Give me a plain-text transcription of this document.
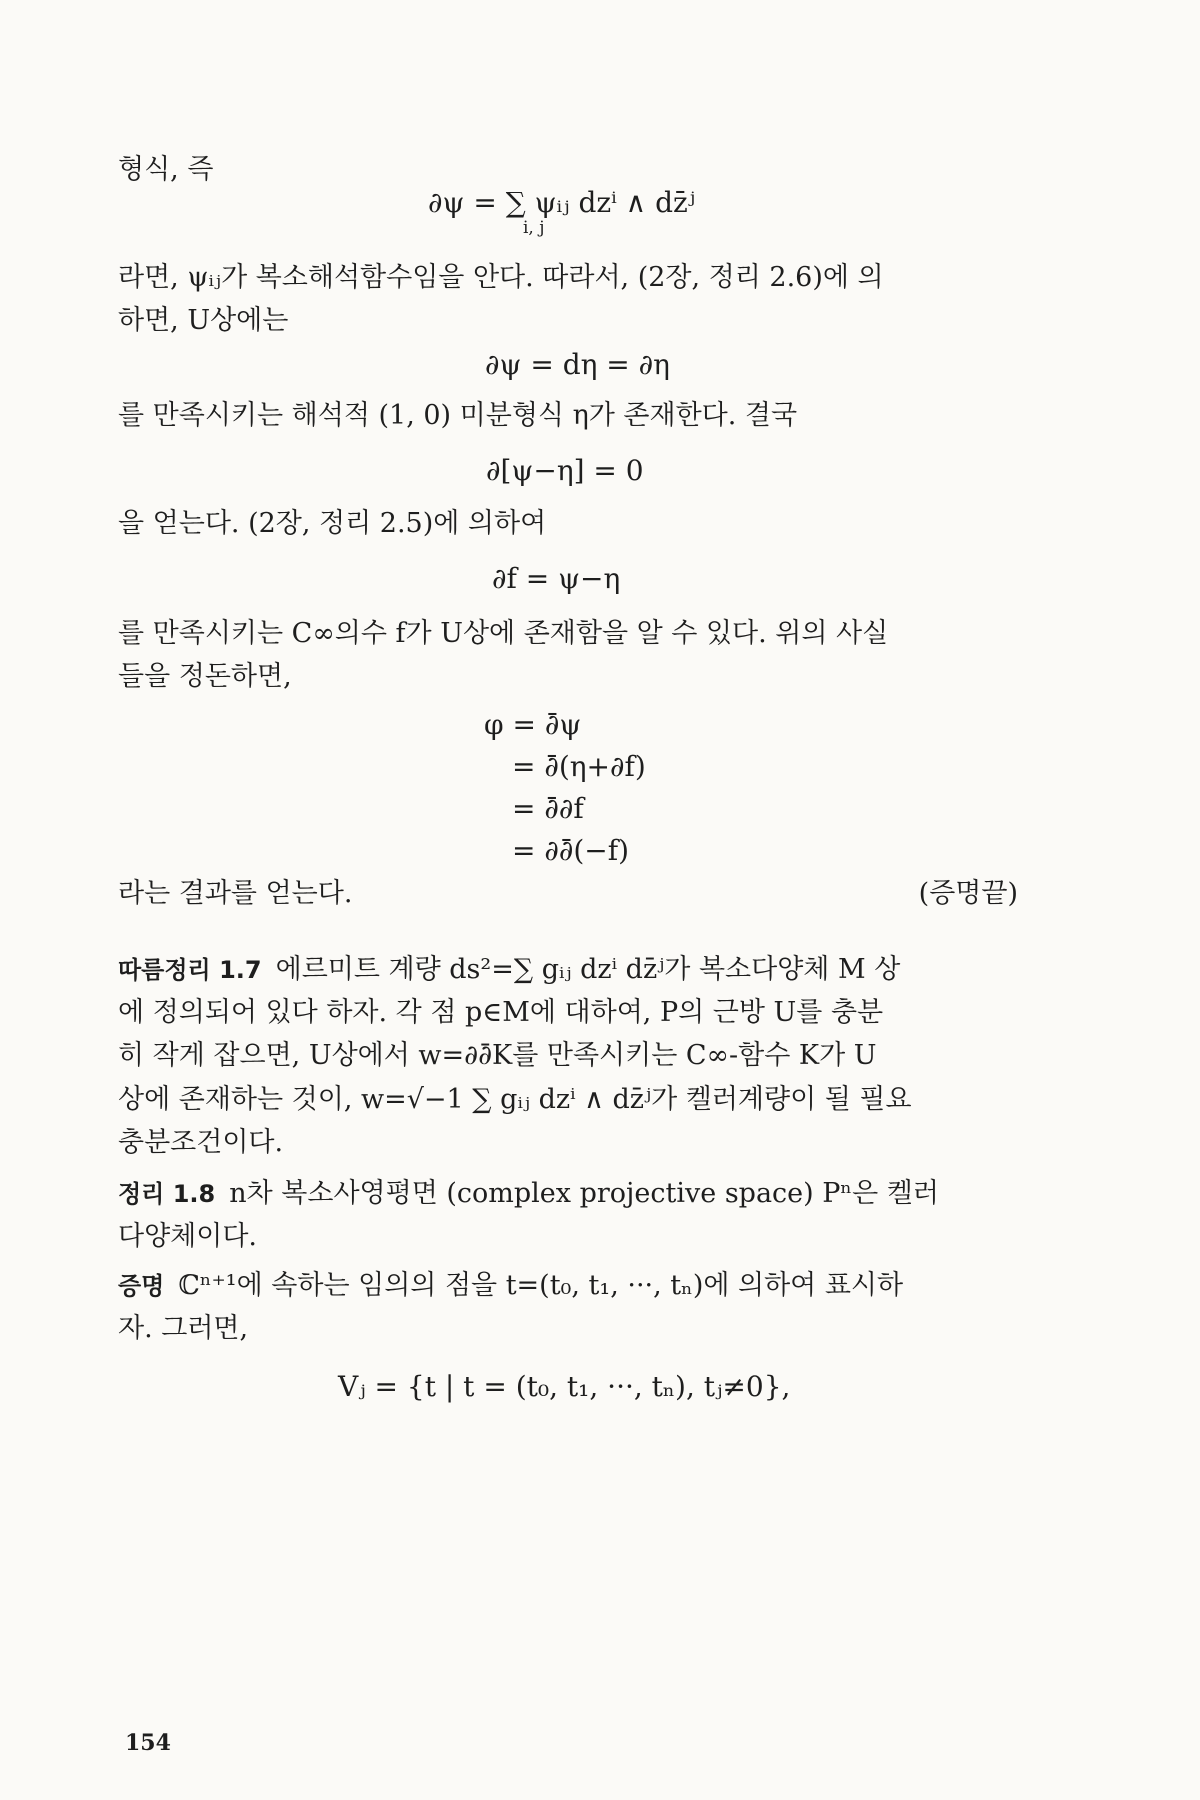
형식, 즉
∂ψ = ∑ ψᵢⱼ dzⁱ ∧ dz̄ʲ
i, j
라면, ψᵢⱼ가 복소해석함수임을 안다. 따라서, (2장, 정리 2.6)에 의
하면, U상에는
∂ψ = dη = ∂η
를 만족시키는 해석적 (1, 0) 미분형식 η가 존재한다. 결국
∂[ψ−η] = 0
을 얻는다. (2장, 정리 2.5)에 의하여
∂f = ψ−η
를 만족시키는 C∞의수 f가 U상에 존재함을 알 수 있다. 위의 사실
들을 정돈하면,
φ = ∂̄ψ
= ∂̄(η+∂f)
= ∂̄∂f
= ∂∂̄(−f)
라는 결과를 얻는다.	(증명끝)
따름정리 1.7 에르미트 계량 ds²=∑ gᵢⱼ dzⁱ dz̄ʲ가 복소다양체 M 상
에 정의되어 있다 하자. 각 점 p∈M에 대하여, P의 근방 U를 충분
히 작게 잡으면, U상에서 w=∂∂̄K를 만족시키는 C∞-함수 K가 U
상에 존재하는 것이, w=√−1 ∑ gᵢⱼ dzⁱ ∧ dz̄ʲ가 켈러계량이 될 필요
충분조건이다.
정리 1.8 n차 복소사영평면 (complex projective space) Pⁿ은 켈러
다양체이다.
증명 ℂⁿ⁺¹에 속하는 임의의 점을 t=(t₀, t₁, ···, tₙ)에 의하여 표시하
자. 그러면,
Vⱼ = {t | t = (t₀, t₁, ···, tₙ), tⱼ≠0},
154
